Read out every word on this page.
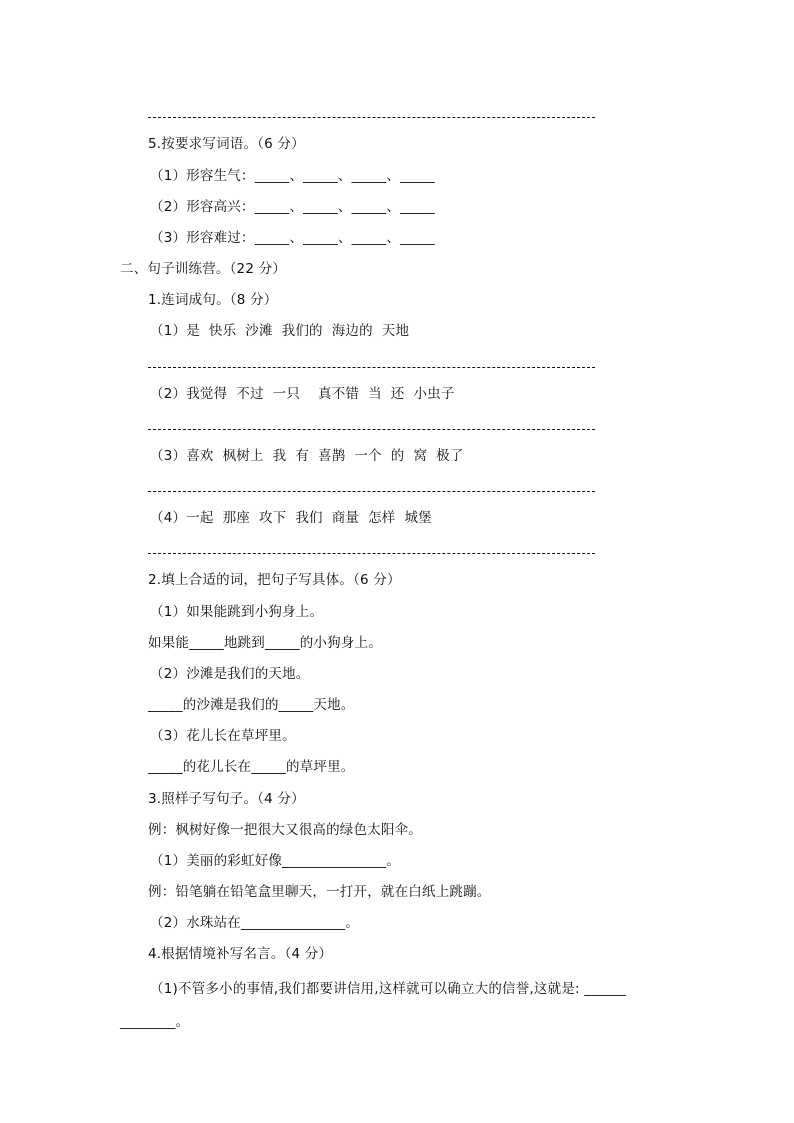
5.按要求写词语。（6 分）
（1）形容生气：_____、_____、_____、_____
（2）形容高兴：_____、_____、_____、_____
（3）形容难过：_____、_____、_____、_____
二、句子训练营。（22 分）
1.连词成句。（8 分）
（1）是  快乐  沙滩  我们的  海边的  天地
（2）我觉得  不过  一只    真不错  当  还  小虫子
（3）喜欢  枫树上  我  有  喜鹊  一个  的  窝  极了
（4）一起  那座  攻下  我们  商量  怎样  城堡
2.填上合适的词，把句子写具体。（6 分）
（1）如果能跳到小狗身上。
如果能_____地跳到_____的小狗身上。
（2）沙滩是我们的天地。
_____的沙滩是我们的_____天地。
（3）花儿长在草坪里。
_____的花儿长在_____的草坪里。
3.照样子写句子。（4 分）
例：枫树好像一把很大又很高的绿色太阳伞。
（1）美丽的彩虹好像_______________。
例：铅笔躺在铅笔盒里聊天，一打开，就在白纸上跳蹦。
（2）水珠站在_______________。
4.根据情境补写名言。（4 分）
（1)不管多小的事情,我们都要讲信用,这样就可以确立大的信誉,这就是: ______
________。
